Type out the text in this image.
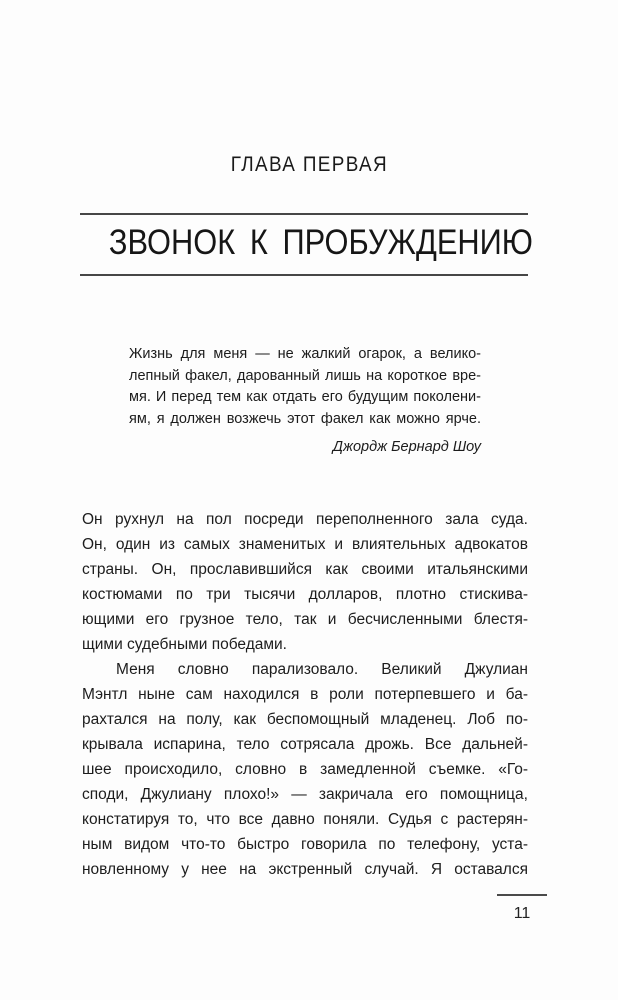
ГЛАВА ПЕРВАЯ
ЗВОНОК К ПРОБУЖДЕНИЮ
Жизнь для меня — не жалкий огарок, а велико-
лепный факел, дарованный лишь на короткое вре-
мя. И перед тем как отдать его будущим поколени-
ям, я должен возжечь этот факел как можно ярче.
Джордж Бернард Шоу
Он рухнул на пол посреди переполненного зала суда.
Он, один из самых знаменитых и влиятельных адвокатов
страны. Он, прославившийся как своими итальянскими
костюмами по три тысячи долларов, плотно стискива-
ющими его грузное тело, так и бесчисленными блестя-
щими судебными победами.
Меня словно парализовало. Великий Джулиан
Мэнтл ныне сам находился в роли потерпевшего и ба-
рахтался на полу, как беспомощный младенец. Лоб по-
крывала испарина, тело сотрясала дрожь. Все дальней-
шее происходило, словно в замедленной съемке. «Го-
споди, Джулиану плохо!» — закричала его помощница,
констатируя то, что все давно поняли. Судья с растерян-
ным видом что-то быстро говорила по телефону, уста-
новленному у нее на экстренный случай. Я оставался
11
